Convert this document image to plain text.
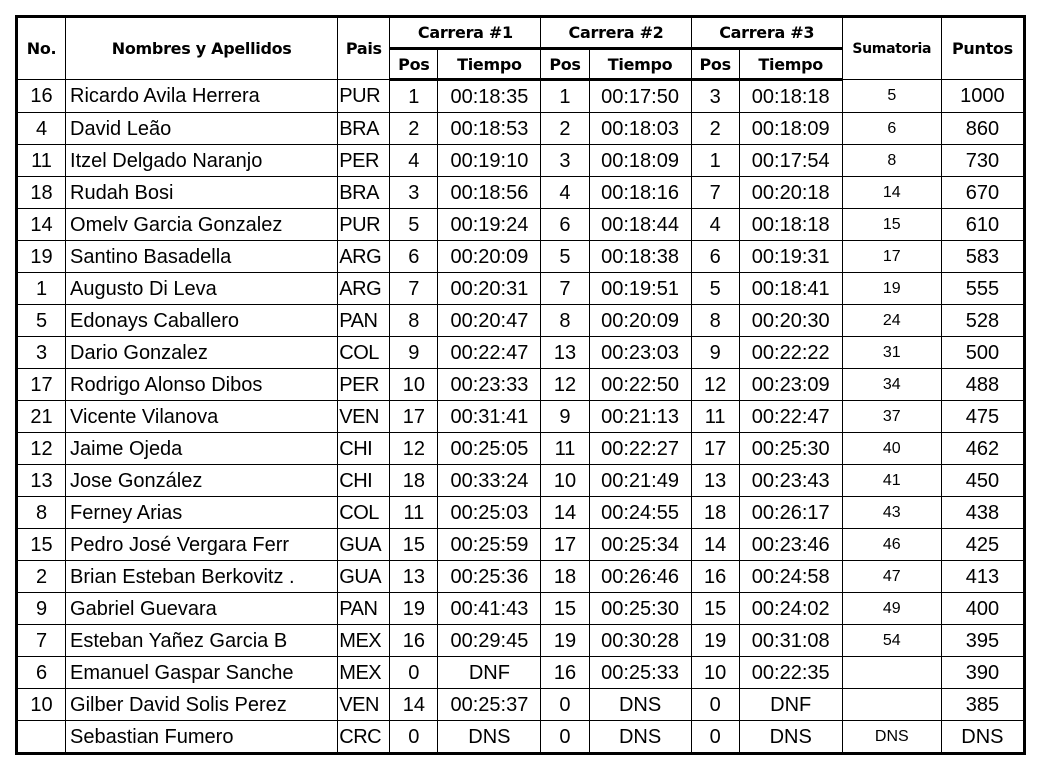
No.	Nombres y Apellidos	Pais	Carrera #1		Carrera #2		Carrera #3		Sumatoria	Puntos
			Pos	Tiempo	Pos	Tiempo	Pos	Tiempo		
16	Ricardo Avila Herrera	PUR	1	00:18:35	1	00:17:50	3	00:18:18	5	1000
4	David Leão	BRA	2	00:18:53	2	00:18:03	2	00:18:09	6	860
11	Itzel Delgado Naranjo	PER	4	00:19:10	3	00:18:09	1	00:17:54	8	730
18	Rudah Bosi	BRA	3	00:18:56	4	00:18:16	7	00:20:18	14	670
14	Omelv Garcia Gonzalez	PUR	5	00:19:24	6	00:18:44	4	00:18:18	15	610
19	Santino Basadella	ARG	6	00:20:09	5	00:18:38	6	00:19:31	17	583
1	Augusto Di Leva	ARG	7	00:20:31	7	00:19:51	5	00:18:41	19	555
5	Edonays Caballero	PAN	8	00:20:47	8	00:20:09	8	00:20:30	24	528
3	Dario Gonzalez	COL	9	00:22:47	13	00:23:03	9	00:22:22	31	500
17	Rodrigo Alonso Dibos	PER	10	00:23:33	12	00:22:50	12	00:23:09	34	488
21	Vicente Vilanova	VEN	17	00:31:41	9	00:21:13	11	00:22:47	37	475
12	Jaime Ojeda	CHI	12	00:25:05	11	00:22:27	17	00:25:30	40	462
13	Jose González	CHI	18	00:33:24	10	00:21:49	13	00:23:43	41	450
8	Ferney Arias	COL	11	00:25:03	14	00:24:55	18	00:26:17	43	438
15	Pedro José Vergara Ferr	GUA	15	00:25:59	17	00:25:34	14	00:23:46	46	425
2	Brian Esteban Berkovitz .	GUA	13	00:25:36	18	00:26:46	16	00:24:58	47	413
9	Gabriel Guevara	PAN	19	00:41:43	15	00:25:30	15	00:24:02	49	400
7	Esteban Yañez Garcia B	MEX	16	00:29:45	19	00:30:28	19	00:31:08	54	395
6	Emanuel Gaspar Sanche	MEX	0	DNF	16	00:25:33	10	00:22:35		390
10	Gilber David Solis Perez	VEN	14	00:25:37	0	DNS	0	DNF		385
	Sebastian Fumero	CRC	0	DNS	0	DNS	0	DNS	DNS	DNS
